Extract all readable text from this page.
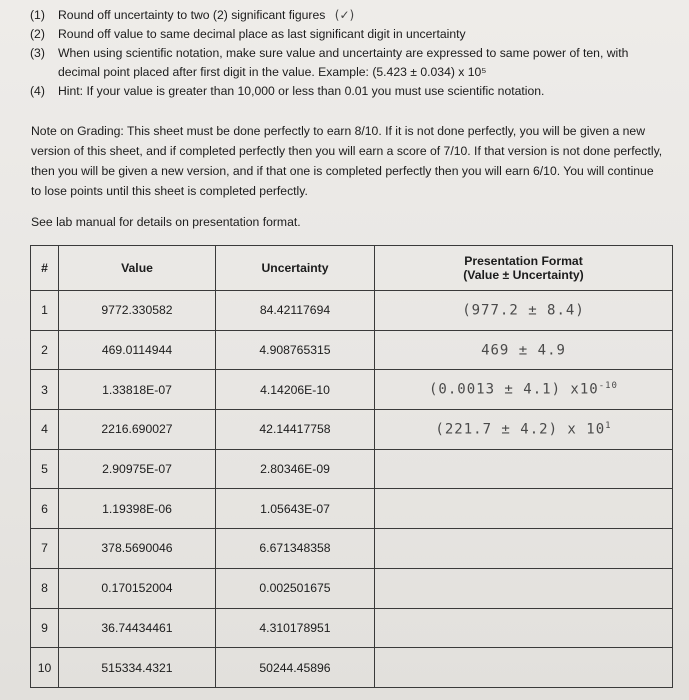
(1) Round off uncertainty to two (2) significant figures (✓)
(2) Round off value to same decimal place as last significant digit in uncertainty
(3) When using scientific notation, make sure value and uncertainty are expressed to same power of ten, with decimal point placed after first digit in the value. Example: (5.423 ± 0.034) x 10⁵
(4) Hint: If your value is greater than 10,000 or less than 0.01 you must use scientific notation.

Note on Grading: This sheet must be done perfectly to earn 8/10. If it is not done perfectly, you will be given a new version of this sheet, and if completed perfectly then you will earn a score of 7/10. If that version is not done perfectly, then you will be given a new version, and if that one is completed perfectly then you will earn 6/10. You will continue to lose points until this sheet is completed perfectly.

See lab manual for details on presentation format.

#	Value	Uncertainty	Presentation Format
(Value ± Uncertainty)

1	9772.330582	84.42117694	(977.2 ± 8.4)
2	469.0114944	4.908765315	469 ± 4.9
3	1.33818E-07	4.14206E-10	(0.0013 ± 4.1) $x10^{-10}$
4	2216.690027	42.14417758	(221.7 ± 4.2) x $10^1$
5	2.90975E-07	2.80346E-09	
6	1.19398E-06	1.05643E-07	
7	378.5690046	6.671348358	
8	0.170152004	0.002501675	
9	36.74434461	4.310178951	
10	515334.4321	50244.45896	
